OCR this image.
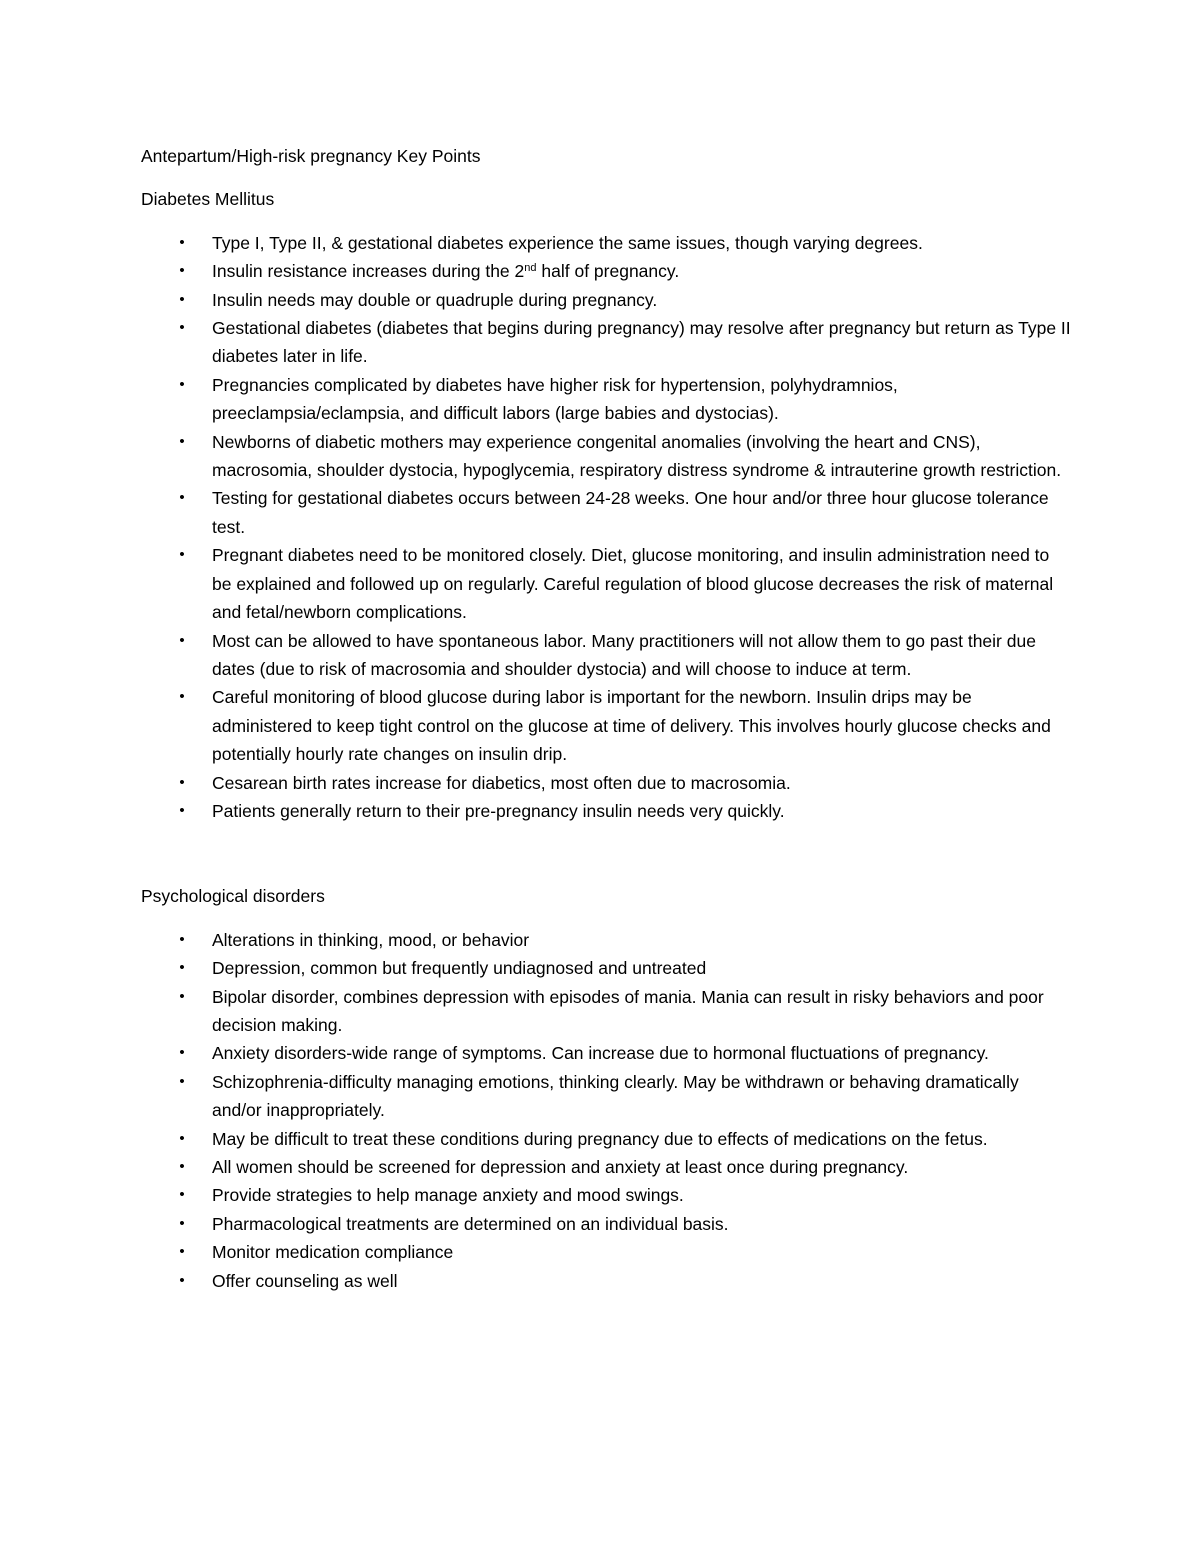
Antepartum/High-risk pregnancy Key Points

Diabetes Mellitus

• Type I, Type II, & gestational diabetes experience the same issues, though varying degrees.
• Insulin resistance increases during the 2nd half of pregnancy.
• Insulin needs may double or quadruple during pregnancy.
• Gestational diabetes (diabetes that begins during pregnancy) may resolve after pregnancy but return as Type II diabetes later in life.
• Pregnancies complicated by diabetes have higher risk for hypertension, polyhydramnios, preeclampsia/eclampsia, and difficult labors (large babies and dystocias).
• Newborns of diabetic mothers may experience congenital anomalies (involving the heart and CNS), macrosomia, shoulder dystocia, hypoglycemia, respiratory distress syndrome & intrauterine growth restriction.
• Testing for gestational diabetes occurs between 24-28 weeks. One hour and/or three hour glucose tolerance test.
• Pregnant diabetes need to be monitored closely. Diet, glucose monitoring, and insulin administration need to be explained and followed up on regularly. Careful regulation of blood glucose decreases the risk of maternal and fetal/newborn complications.
• Most can be allowed to have spontaneous labor. Many practitioners will not allow them to go past their due dates (due to risk of macrosomia and shoulder dystocia) and will choose to induce at term.
• Careful monitoring of blood glucose during labor is important for the newborn. Insulin drips may be administered to keep tight control on the glucose at time of delivery. This involves hourly glucose checks and potentially hourly rate changes on insulin drip.
• Cesarean birth rates increase for diabetics, most often due to macrosomia.
• Patients generally return to their pre-pregnancy insulin needs very quickly.

Psychological disorders

• Alterations in thinking, mood, or behavior
• Depression, common but frequently undiagnosed and untreated
• Bipolar disorder, combines depression with episodes of mania. Mania can result in risky behaviors and poor decision making.
• Anxiety disorders-wide range of symptoms. Can increase due to hormonal fluctuations of pregnancy.
• Schizophrenia-difficulty managing emotions, thinking clearly. May be withdrawn or behaving dramatically and/or inappropriately.
• May be difficult to treat these conditions during pregnancy due to effects of medications on the fetus.
• All women should be screened for depression and anxiety at least once during pregnancy.
• Provide strategies to help manage anxiety and mood swings.
• Pharmacological treatments are determined on an individual basis.
• Monitor medication compliance
• Offer counseling as well
